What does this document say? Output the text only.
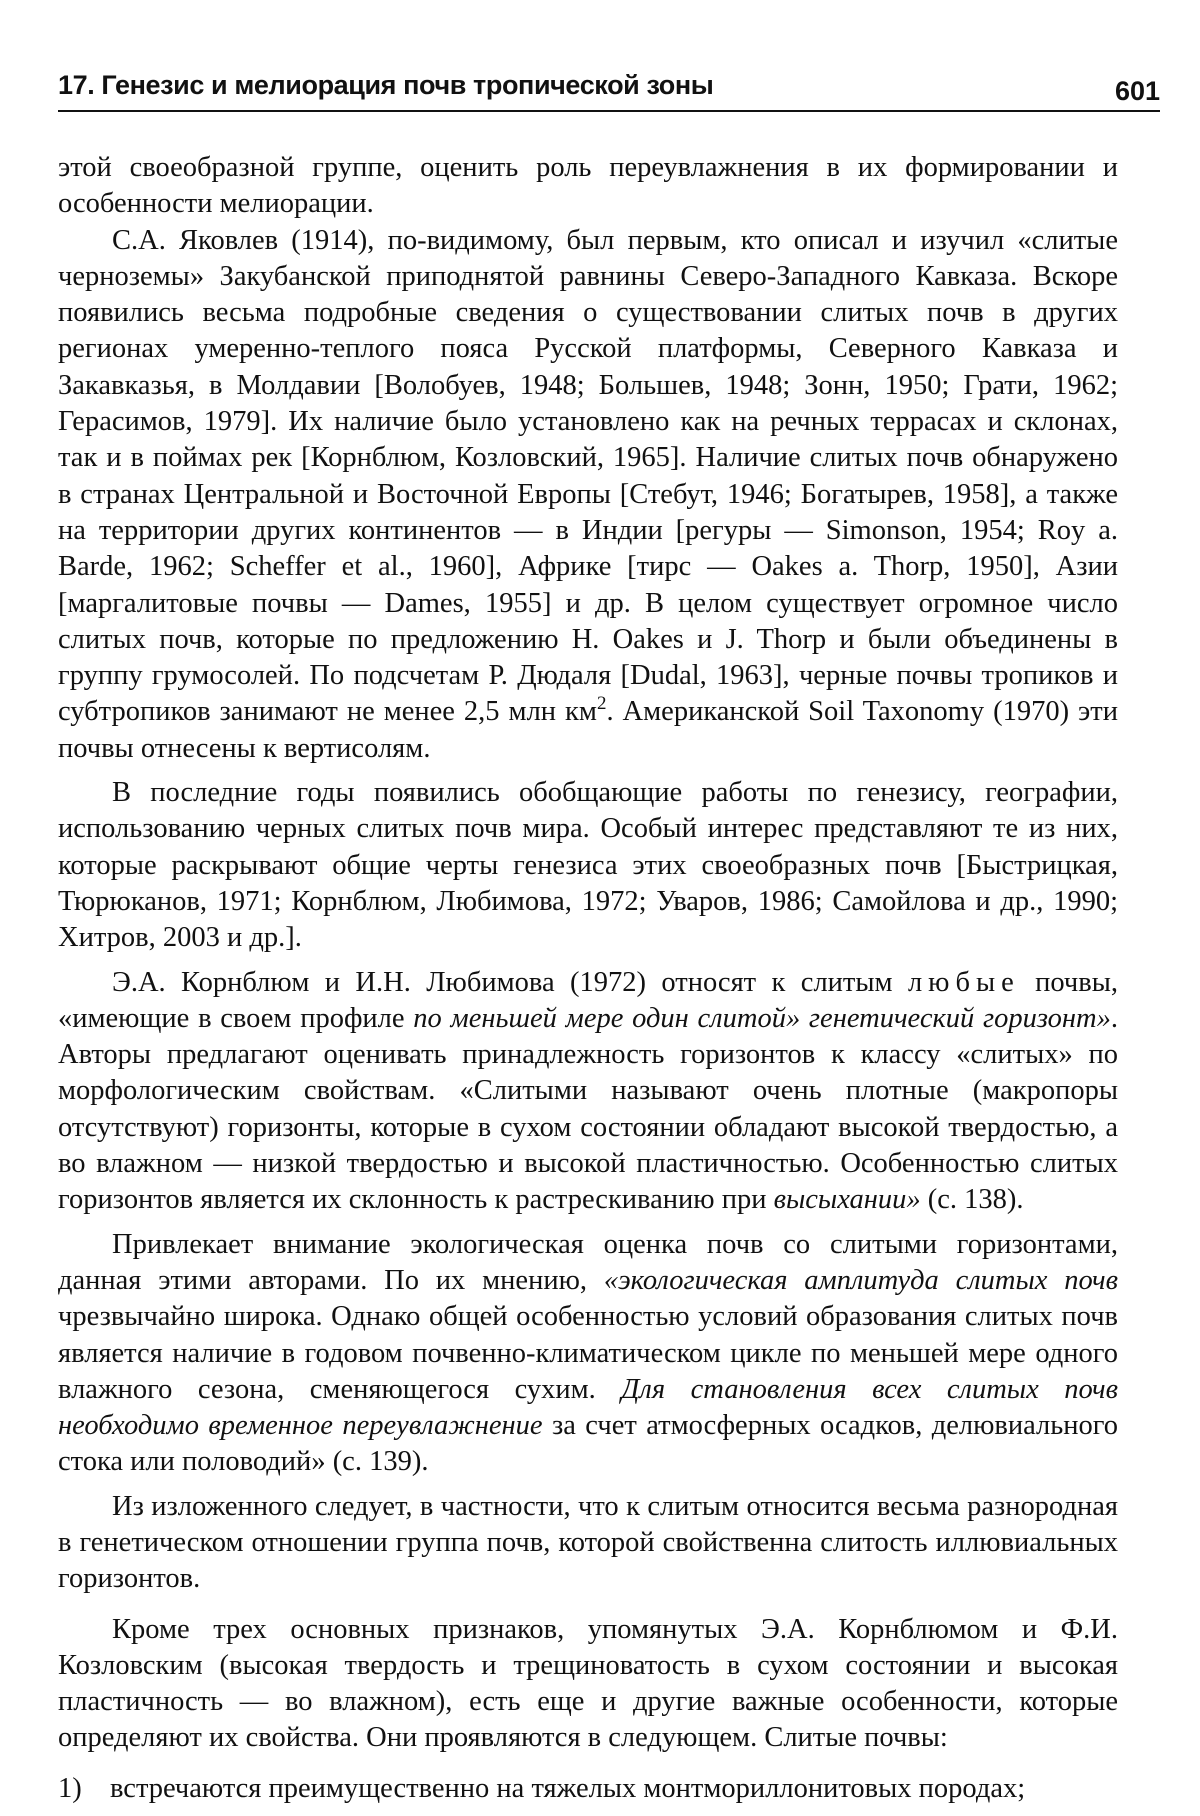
17. Генезис и мелиорация почв тропической зоны	601

этой своеобразной группе, оценить роль переувлажнения в их формировании и особенности мелиорации.

С.А. Яковлев (1914), по-видимому, был первым, кто описал и изучил «слитые черноземы» Закубанской приподнятой равнины Северо-Западного Кавказа. Вскоре появились весьма подробные сведения о существовании слитых почв в других регионах умеренно-теплого пояса Русской платформы, Северного Кавказа и Закавказья, в Молдавии [Волобуев, 1948; Большев, 1948; Зонн, 1950; Грати, 1962; Герасимов, 1979]. Их наличие было установлено как на речных террасах и склонах, так и в поймах рек [Корнблюм, Козловский, 1965]. Наличие слитых почв обнаружено в странах Центральной и Восточной Европы [Стебут, 1946; Богатырев, 1958], а также на территории других континентов — в Индии [регуры — Simonson, 1954; Roy a. Barde, 1962; Scheffer et al., 1960], Африке [тирс — Oakes a. Thorp, 1950], Азии [маргалитовые почвы — Dames, 1955] и др. В целом существует огромное число слитых почв, которые по предложению H. Oakes и J. Thorp и были объединены в группу грумосолей. По подсчетам Р. Дюдаля [Dudal, 1963], черные почвы тропиков и субтропиков занимают не менее 2,5 млн $км^2$. Американской Soil Taxonomy (1970) эти почвы отнесены к вертисолям.

В последние годы появились обобщающие работы по генезису, географии, использованию черных слитых почв мира. Особый интерес представляют те из них, которые раскрывают общие черты генезиса этих своеобразных почв [Быстрицкая, Тюрюканов, 1971; Корнблюм, Любимова, 1972; Уваров, 1986; Самойлова и др., 1990; Хитров, 2003 и др.].

Э.А. Корнблюм и И.Н. Любимова (1972) относят к слитым любые почвы, «имеющие в своем профиле по меньшей мере один слитой» генетический горизонт». Авторы предлагают оценивать принадлежность горизонтов к классу «слитых» по морфологическим свойствам. «Слитыми называют очень плотные (макропоры отсутствуют) горизонты, которые в сухом состоянии обладают высокой твердостью, а во влажном — низкой твердостью и высокой пластичностью. Особенностью слитых горизонтов является их склонность к растрескиванию при высыхании» (с. 138).

Привлекает внимание экологическая оценка почв со слитыми горизонтами, данная этими авторами. По их мнению, «экологическая амплитуда слитых почв чрезвычайно широка. Однако общей особенностью условий образования слитых почв является наличие в годовом почвенно-климатическом цикле по меньшей мере одного влажного сезона, сменяющегося сухим. Для становления всех слитых почв необходимо временное переувлажнение за счет атмосферных осадков, делювиального стока или половодий» (с. 139).

Из изложенного следует, в частности, что к слитым относится весьма разнородная в генетическом отношении группа почв, которой свойственна слитость иллювиальных горизонтов.

Кроме трех основных признаков, упомянутых Э.А. Корнблюмом и Ф.И. Козловским (высокая твердость и трещиноватость в сухом состоянии и высокая пластичность — во влажном), есть еще и другие важные особенности, которые определяют их свойства. Они проявляются в следующем. Слитые почвы:

1) встречаются преимущественно на тяжелых монтмориллонитовых породах;
